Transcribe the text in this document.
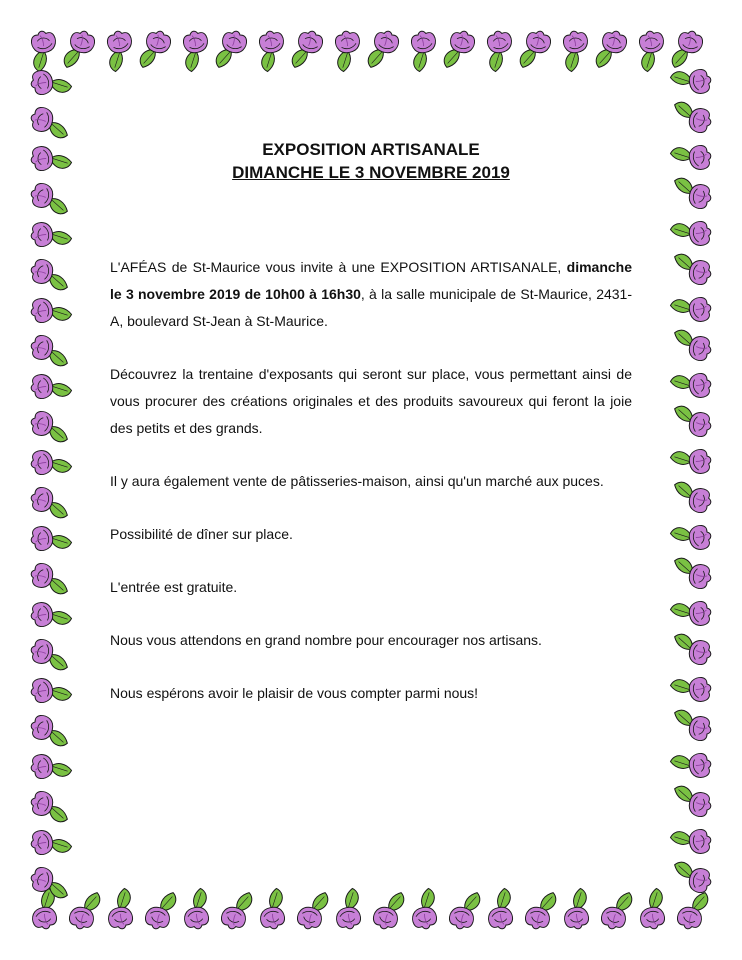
EXPOSITION ARTISANALE
DIMANCHE LE 3 NOVEMBRE 2019

L'AFÉAS de St-Maurice vous invite à une EXPOSITION ARTISANALE, dimanche le 3 novembre 2019 de 10h00 à 16h30, à la salle municipale de St-Maurice, 2431-A, boulevard St-Jean à St-Maurice.

Découvrez la trentaine d'exposants qui seront sur place, vous permettant ainsi de vous procurer des créations originales et des produits savoureux qui feront la joie des petits et des grands.

Il y aura également vente de pâtisseries-maison, ainsi qu'un marché aux puces.

Possibilité de dîner sur place.

L'entrée est gratuite.

Nous vous attendons en grand nombre pour encourager nos artisans.

Nous espérons avoir le plaisir de vous compter parmi nous!
